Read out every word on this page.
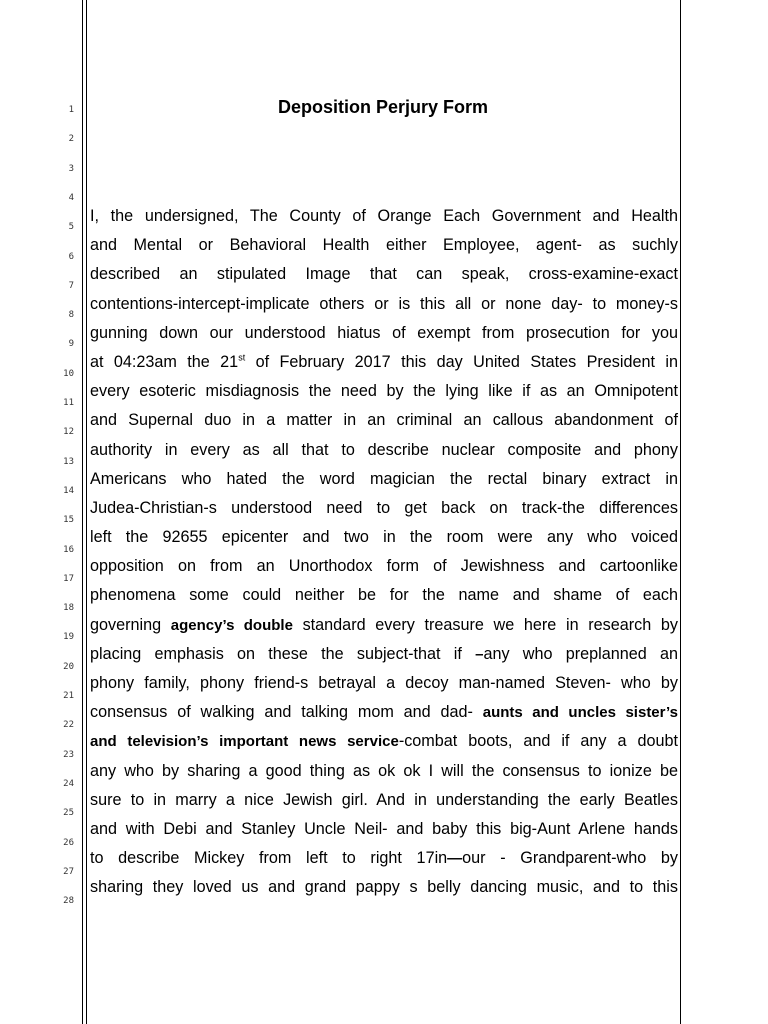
1
2
3
4
5
6
7
8
9
10
11
12
13
14
15
16
17
18
19
20
21
22
23
24
25
26
27
28
Deposition Perjury Form
I, the undersigned, The County of Orange Each Government and Health
and Mental or Behavioral Health either Employee, agent- as suchly
described an stipulated Image that can speak, cross-examine-exact
contentions-intercept-implicate others or is this all or none day- to money-s
gunning down our understood hiatus of exempt from prosecution for you
at 04:23am the 21st of February 2017 this day United States President in
every esoteric misdiagnosis the need by the lying like if as an Omnipotent
and Supernal duo in a matter in an criminal an callous abandonment of
authority in every as all that to describe nuclear composite and phony
Americans who hated the word magician the rectal binary extract in
Judea-Christian-s understood need to get back on track-the differences
left the 92655 epicenter and two in the room were any who voiced
opposition on from an Unorthodox form of Jewishness and cartoonlike
phenomena some could neither be for the name and shame of each
governing agency’s double standard every treasure we here in research by
placing emphasis on these the subject-that if –any who preplanned an
phony family, phony friend-s betrayal a decoy man-named Steven- who by
consensus of walking and talking mom and dad- aunts and uncles sister’s
and television’s important news service-combat boots, and if any a doubt
any who by sharing a good thing as ok ok I will the consensus to ionize be
sure to in marry a nice Jewish girl. And in understanding the early Beatles
and with Debi and Stanley Uncle Neil- and baby this big-Aunt Arlene hands
to describe Mickey from left to right 17in—our - Grandparent-who by
sharing they loved us and grand pappy s belly dancing music, and to this
